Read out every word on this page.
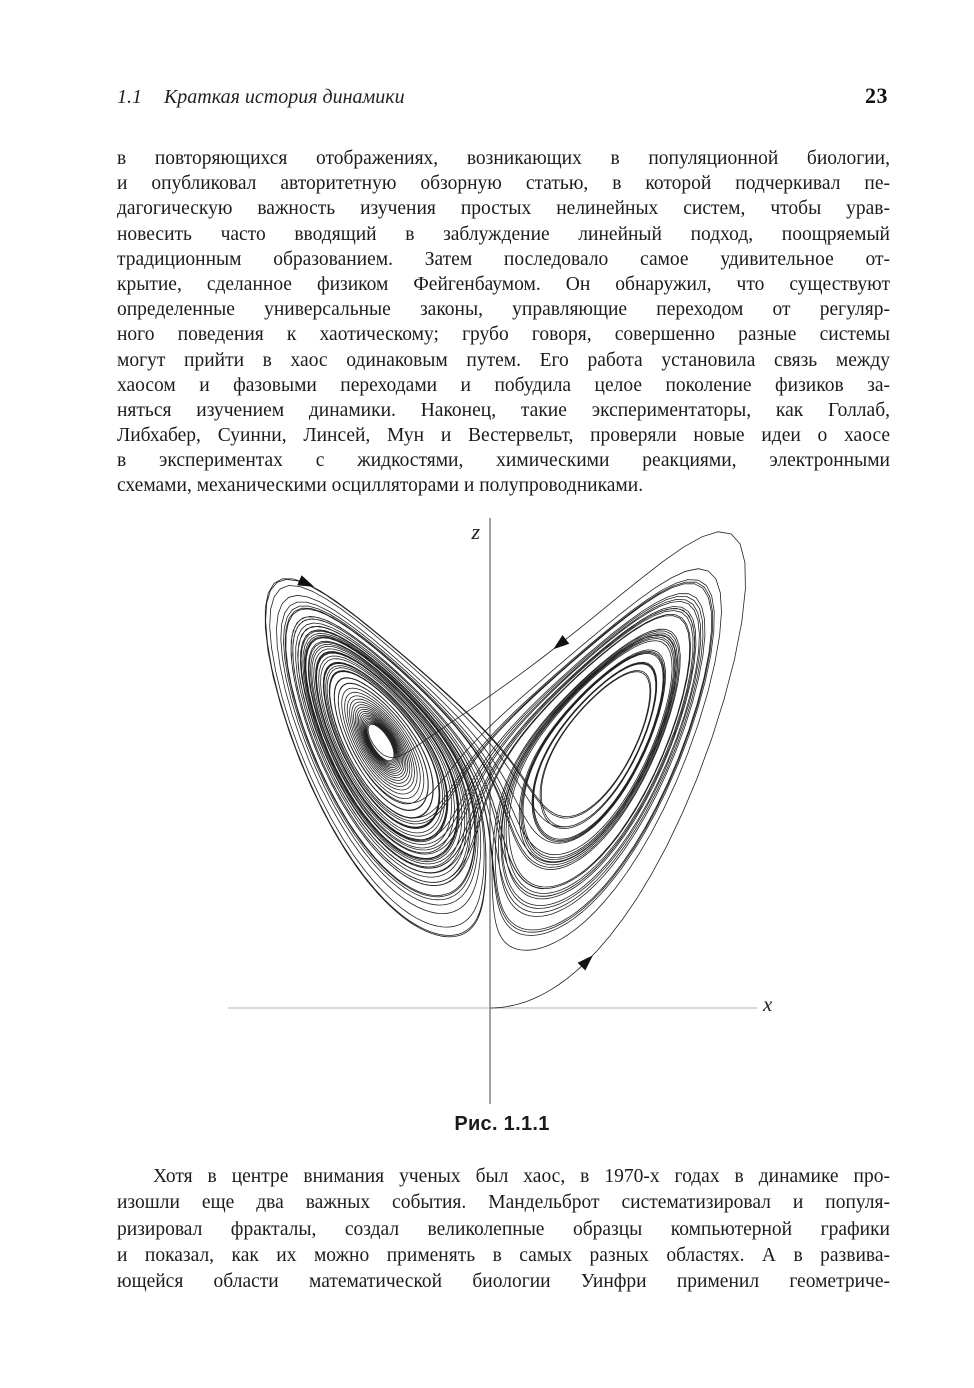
1.1 Краткая история динамики	23
в повторяющихся отображениях, возникающих в популяционной биологии,
и опубликовал авторитетную обзорную статью, в которой подчеркивал пе-
дагогическую важность изучения простых нелинейных систем, чтобы урав-
новесить часто вводящий в заблуждение линейный подход, поощряемый
традиционным образованием. Затем последовало самое удивительное от-
крытие, сделанное физиком Фейгенбаумом. Он обнаружил, что существуют
определенные универсальные законы, управляющие переходом от регуляр-
ного поведения к хаотическому; грубо говоря, совершенно разные системы
могут прийти в хаос одинаковым путем. Его работа установила связь между
хаосом и фазовыми переходами и побудила целое поколение физиков за-
няться изучением динамики. Наконец, такие экспериментаторы, как Голлаб,
Либхабер, Суинни, Линсей, Мун и Вестервельт, проверяли новые идеи о хаосе
в экспериментах с жидкостями, химическими реакциями, электронными
схемами, механическими осцилляторами и полупроводниками.
z
x
Рис. 1.1.1
Хотя в центре внимания ученых был хаос, в 1970-х годах в динамике про-
изошли еще два важных события. Мандельброт систематизировал и популя-
ризировал фракталы, создал великолепные образцы компьютерной графики
и показал, как их можно применять в самых разных областях. А в развива-
ющейся области математической биологии Уинфри применил геометриче-
